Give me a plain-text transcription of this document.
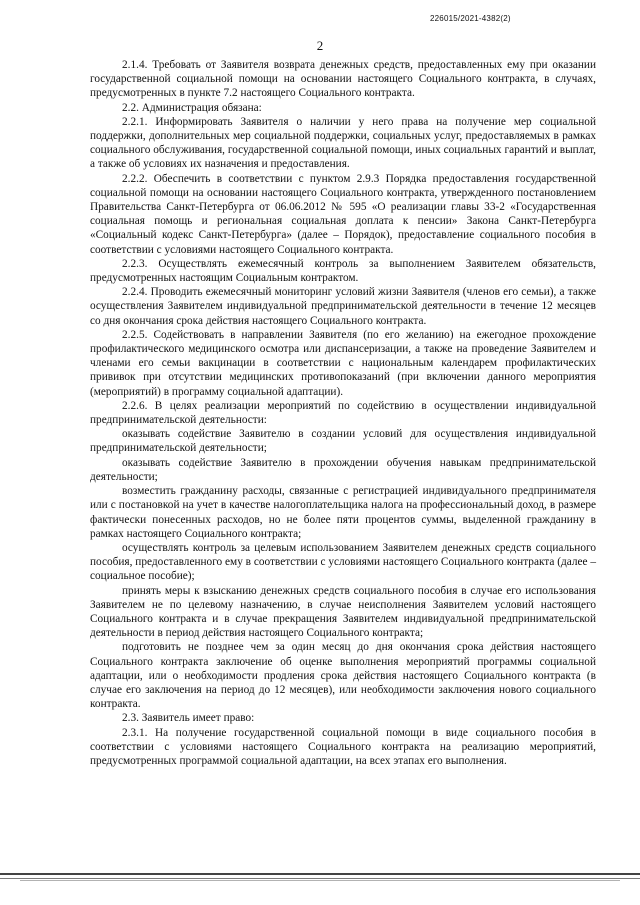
226015/2021-4382(2)
2

2.1.4. Требовать от Заявителя возврата денежных средств, предоставленных ему при оказании государственной социальной помощи на основании настоящего Социального контракта, в случаях, предусмотренных в пункте 7.2 настоящего Социального контракта.

2.2. Администрация обязана:

2.2.1. Информировать Заявителя о наличии у него права на получение мер социальной поддержки, дополнительных мер социальной поддержки, социальных услуг, предоставляемых в рамках социального обслуживания, государственной социальной помощи, иных социальных гарантий и выплат, а также об условиях их назначения и предоставления.

2.2.2. Обеспечить в соответствии с пунктом 2.9.3 Порядка предоставления государственной социальной помощи на основании настоящего Социального контракта, утвержденного постановлением Правительства Санкт-Петербурга от 06.06.2012 № 595 «О реализации главы 33-2 «Государственная социальная помощь и региональная социальная доплата к пенсии» Закона Санкт-Петербурга «Социальный кодекс Санкт-Петербурга» (далее – Порядок), предоставление социального пособия в соответствии с условиями настоящего Социального контракта.

2.2.3. Осуществлять ежемесячный контроль за выполнением Заявителем обязательств, предусмотренных настоящим Социальным контрактом.

2.2.4. Проводить ежемесячный мониторинг условий жизни Заявителя (членов его семьи), а также осуществления Заявителем индивидуальной предпринимательской деятельности в течение 12 месяцев со дня окончания срока действия настоящего Социального контракта.

2.2.5. Содействовать в направлении Заявителя (по его желанию) на ежегодное прохождение профилактического медицинского осмотра или диспансеризации, а также на проведение Заявителем и членами его семьи вакцинации в соответствии с национальным календарем профилактических прививок при отсутствии медицинских противопоказаний (при включении данного мероприятия (мероприятий) в программу социальной адаптации).

2.2.6. В целях реализации мероприятий по содействию в осуществлении индивидуальной предпринимательской деятельности:

оказывать содействие Заявителю в создании условий для осуществления индивидуальной предпринимательской деятельности;

оказывать содействие Заявителю в прохождении обучения навыкам предпринимательской деятельности;

возместить гражданину расходы, связанные с регистрацией индивидуального предпринимателя или с постановкой на учет в качестве налогоплательщика налога на профессиональный доход, в размере фактически понесенных расходов, но не более пяти процентов суммы, выделенной гражданину в рамках настоящего Социального контракта;

осуществлять контроль за целевым использованием Заявителем денежных средств социального пособия, предоставленного ему в соответствии с условиями настоящего Социального контракта (далее – социальное пособие);

принять меры к взысканию денежных средств социального пособия в случае его использования Заявителем не по целевому назначению, в случае неисполнения Заявителем условий настоящего Социального контракта и в случае прекращения Заявителем индивидуальной предпринимательской деятельности в период действия настоящего Социального контракта;

подготовить не позднее чем за один месяц до дня окончания срока действия настоящего Социального контракта заключение об оценке выполнения мероприятий программы социальной адаптации, или о необходимости продления срока действия настоящего Социального контракта (в случае его заключения на период до 12 месяцев), или необходимости заключения нового социального контракта.

2.3. Заявитель имеет право:

2.3.1. На получение государственной социальной помощи в виде социального пособия в соответствии с условиями настоящего Социального контракта на реализацию мероприятий, предусмотренных программой социальной адаптации, на всех этапах его выполнения.
